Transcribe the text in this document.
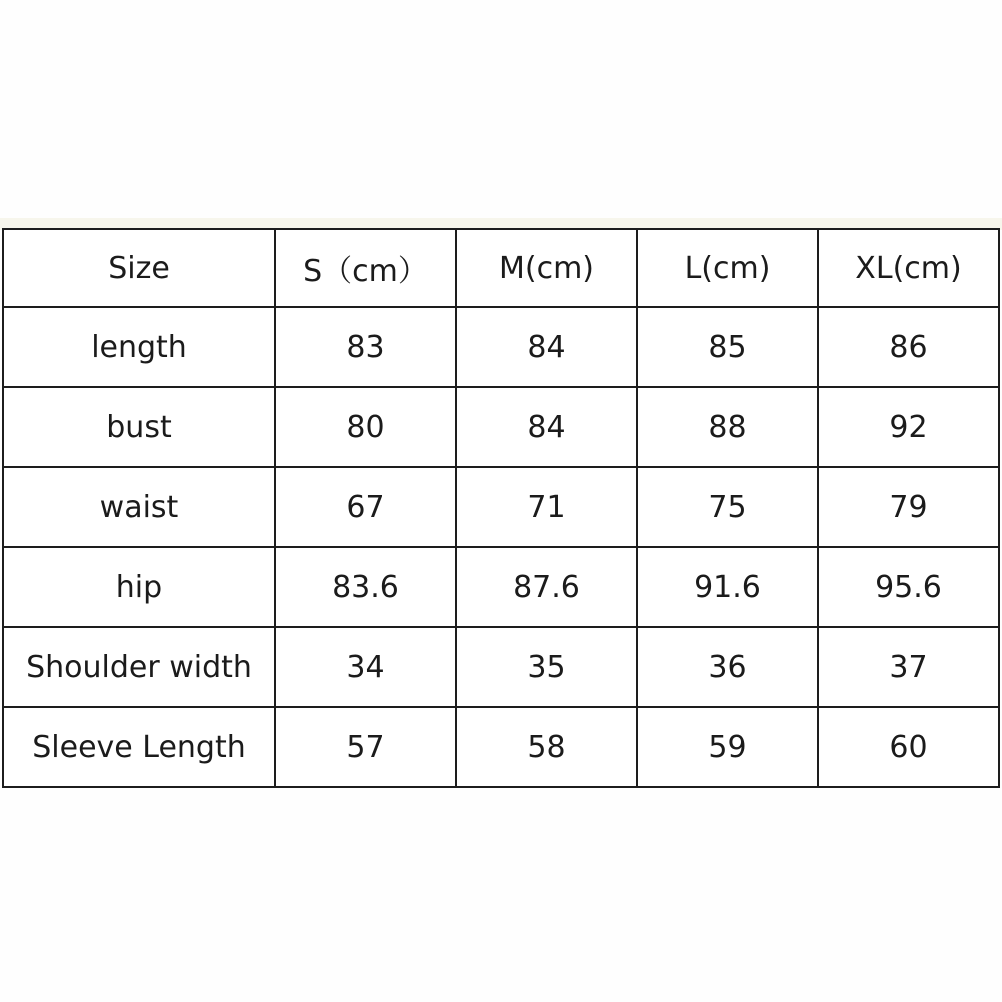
Size	S（cm）	M(cm)	L(cm)	XL(cm)
length	83	84	85	86
bust	80	84	88	92
waist	67	71	75	79
hip	83.6	87.6	91.6	95.6
Shoulder width	34	35	36	37
Sleeve Length	57	58	59	60
